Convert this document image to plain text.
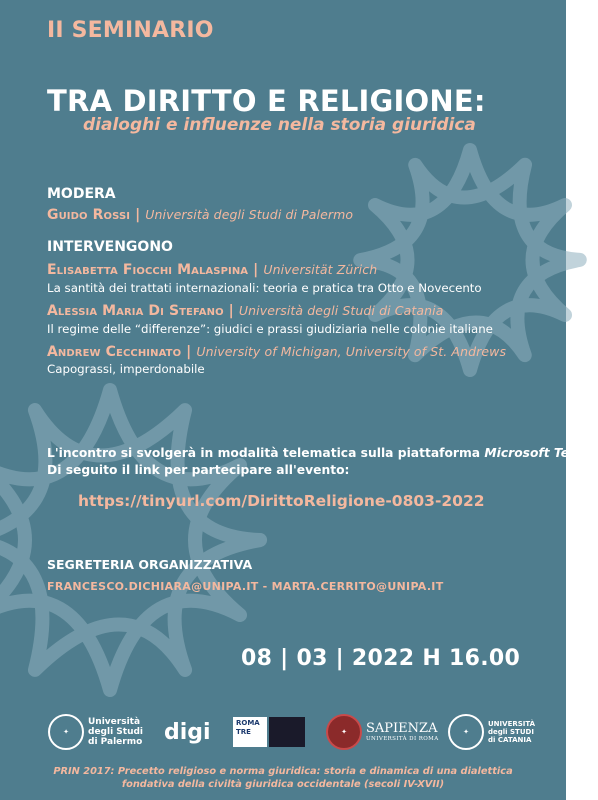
II SEMINARIO
TRA DIRITTO E RELIGIONE:
dialoghi e influenze nella storia giuridica
MODERA
Guido Rossi | Università degli Studi di Palermo
INTERVENGONO
Elisabetta Fiocchi Malaspina | Universität Zürich
La santità dei trattati internazionali: teoria e pratica tra Otto e Novecento
Alessia Maria Di Stefano | Università degli Studi di Catania
Il regime delle “differenze”: giudici e prassi giudiziaria nelle colonie italiane
Andrew Cecchinato | University of Michigan, University of St. Andrews
Capograssi, imperdonabile
L'incontro si svolgerà in modalità telematica sulla piattaforma Microsoft Teams
Di seguito il link per partecipare all'evento:
https://tinyurl.com/DirittoReligione-0803-2022
SEGRETERIA ORGANIZZATIVA
FRANCESCO.DICHIARA@UNIPA.IT - MARTA.CERRITO@UNIPA.IT
08 | 03 | 2022 H 16.00
✦
Università
degli Studi
di Palermo digi	ROMA
TRE	✦	SAPIENZA
UNIVERSITÀ DI ROMA
✦
UNIVERSITÀ
degli STUDI
di CATANIA
PRIN 2017: Precetto religioso e norma giuridica: storia e dinamica di una dialettica
fondativa della civiltà giuridica occidentale (secoli IV-XVII)
